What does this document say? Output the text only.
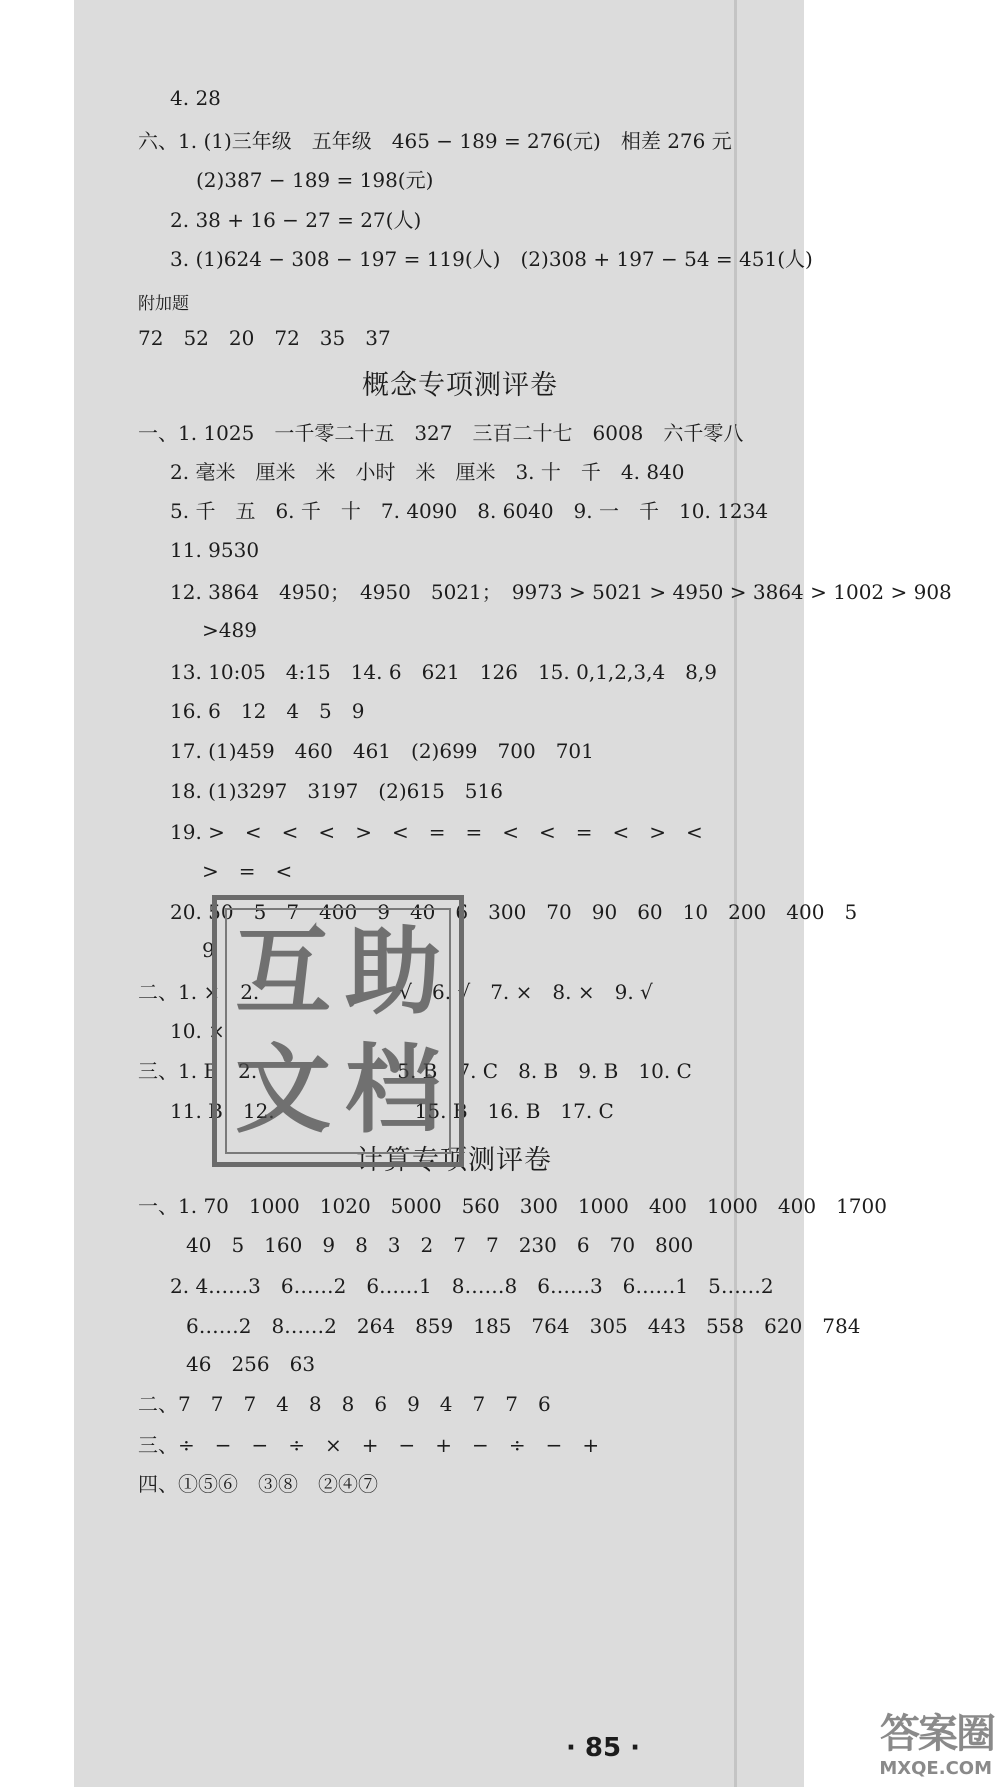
4. 28
六、1. (1)三年级　五年级　465 − 189 = 276(元)　相差 276 元
(2)387 − 189 = 198(元)
2. 38 + 16 − 27 = 27(人)
3. (1)624 − 308 − 197 = 119(人)　(2)308 + 197 − 54 = 451(人)
附加题
72　52　20　72　35　37
概念专项测评卷
一、1. 1025　一千零二十五　327　三百二十七　6008　六千零八
2. 毫米　厘米　米　小时　米　厘米　3. 十　千　4. 840
5. 千　五　6. 千　十　7. 4090　8. 6040　9. 一　千　10. 1234
11. 9530
12. 3864　4950；　4950　5021；　9973 > 5021 > 4950 > 3864 > 1002 > 908
>489
13. 10:05　4:15　14. 6　621　126　15. 0,1,2,3,4　8,9
16. 6　12　4　5　9
17. (1)459　460　461　(2)699　700　701
18. (1)3297　3197　(2)615　516
19. >　<　<　<　>　<　=　=　<　<　=　<　>　<
>　=　<
20. 50　5　7　400　9　40　6　300　70　90　60　10　200　400　5
9
二、1. ×　2.　　　　　　　√　6. √　7. ×　8. ×　9. √
10. ×
三、1. B　2.　　　　　　　5. B　7. C　8. B　9. B　10. C
11. B　12.　　　　　　　15. B　16. B　17. C
计算专项测评卷
一、1. 70　1000　1020　5000　560　300　1000　400　1000　400　1700
40　5　160　9　8　3　2　7　7　230　6　70　800
2. 4……3　6……2　6……1　8……8　6……3　6……1　5……2
6……2　8……2　264　859　185　764　305　443　558　620　784
46　256　63
二、7　7　7　4　8　8　6　9　4　7　7　6
三、÷　−　−　÷　×　+　−　+　−　÷　−　+
四、①⑤⑥　③⑧　②④⑦
互 助
文 档
· 85 ·	答案圈
MXQE.COM
